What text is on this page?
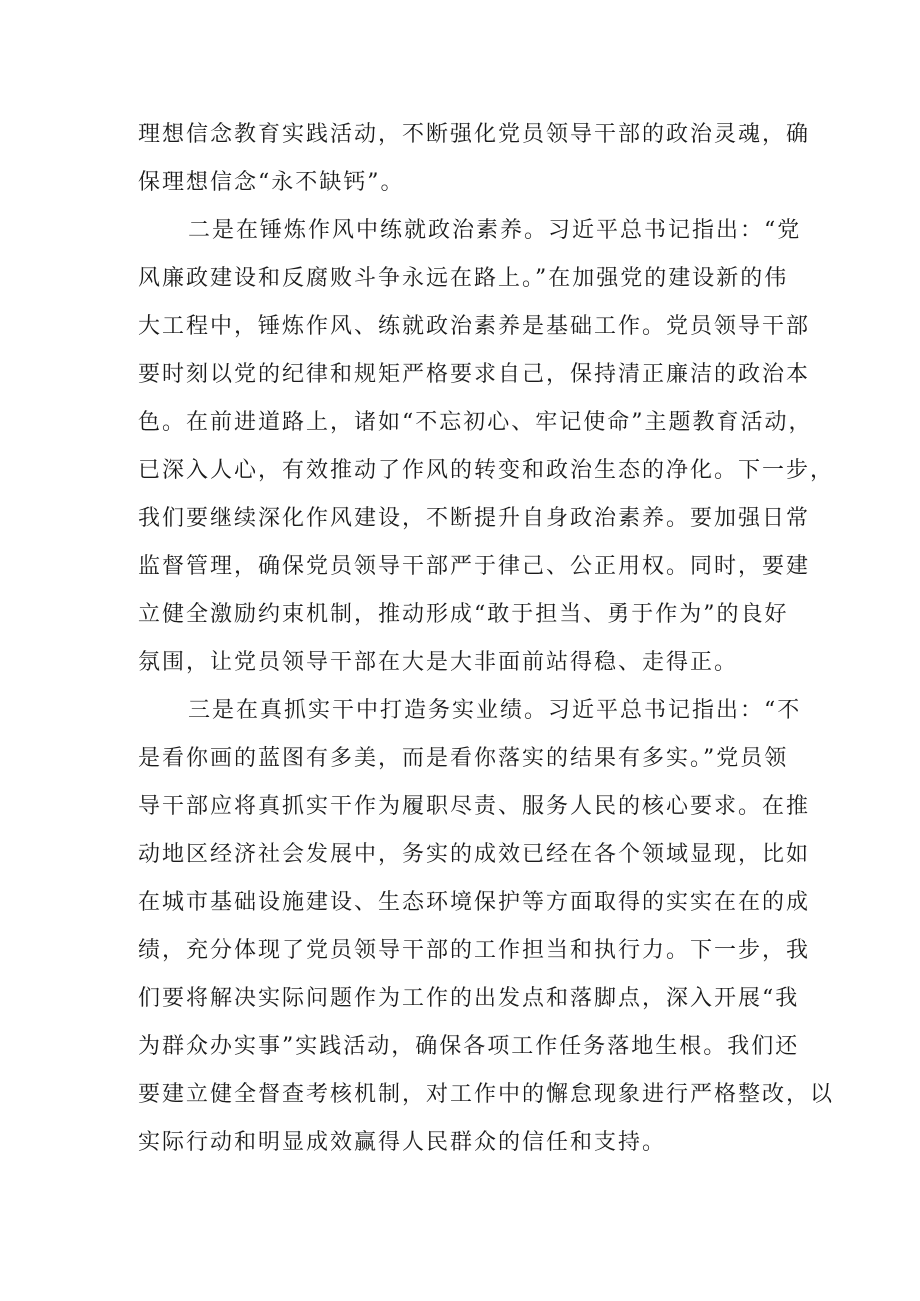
理想信念教育实践活动，不断强化党员领导干部的政治灵魂，确
保理想信念“永不缺钙”。

二是在锤炼作风中练就政治素养。习近平总书记指出：“党
风廉政建设和反腐败斗争永远在路上。”在加强党的建设新的伟
大工程中，锤炼作风、练就政治素养是基础工作。党员领导干部
要时刻以党的纪律和规矩严格要求自己，保持清正廉洁的政治本
色。在前进道路上，诸如“不忘初心、牢记使命”主题教育活动，
已深入人心，有效推动了作风的转变和政治生态的净化。下一步，
我们要继续深化作风建设，不断提升自身政治素养。要加强日常
监督管理，确保党员领导干部严于律己、公正用权。同时，要建
立健全激励约束机制，推动形成“敢于担当、勇于作为”的良好
氛围，让党员领导干部在大是大非面前站得稳、走得正。

三是在真抓实干中打造务实业绩。习近平总书记指出：“不
是看你画的蓝图有多美，而是看你落实的结果有多实。”党员领
导干部应将真抓实干作为履职尽责、服务人民的核心要求。在推
动地区经济社会发展中，务实的成效已经在各个领域显现，比如
在城市基础设施建设、生态环境保护等方面取得的实实在在的成
绩，充分体现了党员领导干部的工作担当和执行力。下一步，我
们要将解决实际问题作为工作的出发点和落脚点，深入开展“我
为群众办实事”实践活动，确保各项工作任务落地生根。我们还
要建立健全督查考核机制，对工作中的懈怠现象进行严格整改，以
实际行动和明显成效赢得人民群众的信任和支持。
